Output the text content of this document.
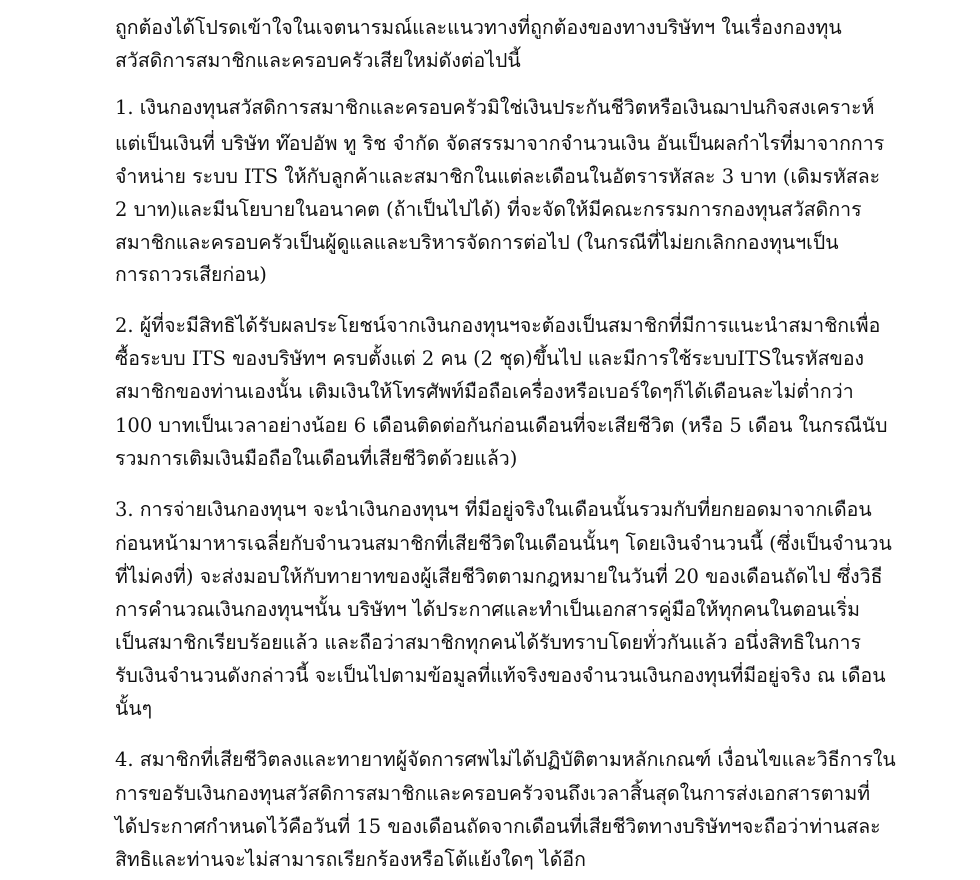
ถูกต้องได้โปรดเข้าใจในเจตนารมณ์และแนวทางที่ถูกต้องของทางบริษัทฯ ในเรื่องกองทุน
สวัสดิการสมาชิกและครอบครัวเสียใหม่ดังต่อไปนี้
1. เงินกองทุนสวัสดิการสมาชิกและครอบครัวมิใช่เงินประกันชีวิตหรือเงินฌาปนกิจสงเคราะห์
แต่เป็นเงินที่ บริษัท ท๊อปอัพ ทู ริช จำกัด จัดสรรมาจากจำนวนเงิน อันเป็นผลกำไรที่มาจากการ
จำหน่าย ระบบ ITS ให้กับลูกค้าและสมาชิกในแต่ละเดือนในอัตรารหัสละ 3 บาท (เดิมรหัสละ
2 บาท)และมีนโยบายในอนาคต (ถ้าเป็นไปได้) ที่จะจัดให้มีคณะกรรมการกองทุนสวัสดิการ
สมาชิกและครอบครัวเป็นผู้ดูแลและบริหารจัดการต่อไป (ในกรณีที่ไม่ยกเลิกกองทุนฯเป็น
การถาวรเสียก่อน)
2. ผู้ที่จะมีสิทธิได้รับผลประโยชน์จากเงินกองทุนฯจะต้องเป็นสมาชิกที่มีการแนะนำสมาชิกเพื่อ
ซื้อระบบ ITS ของบริษัทฯ ครบตั้งแต่ 2 คน (2 ชุด)ขึ้นไป และมีการใช้ระบบITSในรหัสของ
สมาชิกของท่านเองนั้น เติมเงินให้โทรศัพท์มือถือเครื่องหรือเบอร์ใดๆก็ได้เดือนละไม่ต่ำกว่า
100 บาทเป็นเวลาอย่างน้อย 6 เดือนติดต่อกันก่อนเดือนที่จะเสียชีวิต (หรือ 5 เดือน ในกรณีนับ
รวมการเติมเงินมือถือในเดือนที่เสียชีวิตด้วยแล้ว)
3. การจ่ายเงินกองทุนฯ จะนำเงินกองทุนฯ ที่มีอยู่จริงในเดือนนั้นรวมกับที่ยกยอดมาจากเดือน
ก่อนหน้ามาหารเฉลี่ยกับจำนวนสมาชิกที่เสียชีวิตในเดือนนั้นๆ โดยเงินจำนวนนี้ (ซึ่งเป็นจำนวน
ที่ไม่คงที่) จะส่งมอบให้กับทายาทของผู้เสียชีวิตตามกฎหมายในวันที่ 20 ของเดือนถัดไป ซึ่งวิธี
การคำนวณเงินกองทุนฯนั้น บริษัทฯ ได้ประกาศและทำเป็นเอกสารคู่มือให้ทุกคนในตอนเริ่ม
เป็นสมาชิกเรียบร้อยแล้ว และถือว่าสมาชิกทุกคนได้รับทราบโดยทั่วกันแล้ว อนึ่งสิทธิในการ
รับเงินจำนวนดังกล่าวนี้ จะเป็นไปตามข้อมูลที่แท้จริงของจำนวนเงินกองทุนที่มีอยู่จริง ณ เดือน
นั้นๆ
4. สมาชิกที่เสียชีวิตลงและทายาทผู้จัดการศพไม่ได้ปฏิบัติตามหลักเกณฑ์ เงื่อนไขและวิธีการใน
การขอรับเงินกองทุนสวัสดิการสมาชิกและครอบครัวจนถึงเวลาสิ้นสุดในการส่งเอกสารตามที่
ได้ประกาศกำหนดไว้คือวันที่ 15 ของเดือนถัดจากเดือนที่เสียชีวิตทางบริษัทฯจะถือว่าท่านสละ
สิทธิและท่านจะไม่สามารถเรียกร้องหรือโต้แย้งใดๆ ได้อีก
